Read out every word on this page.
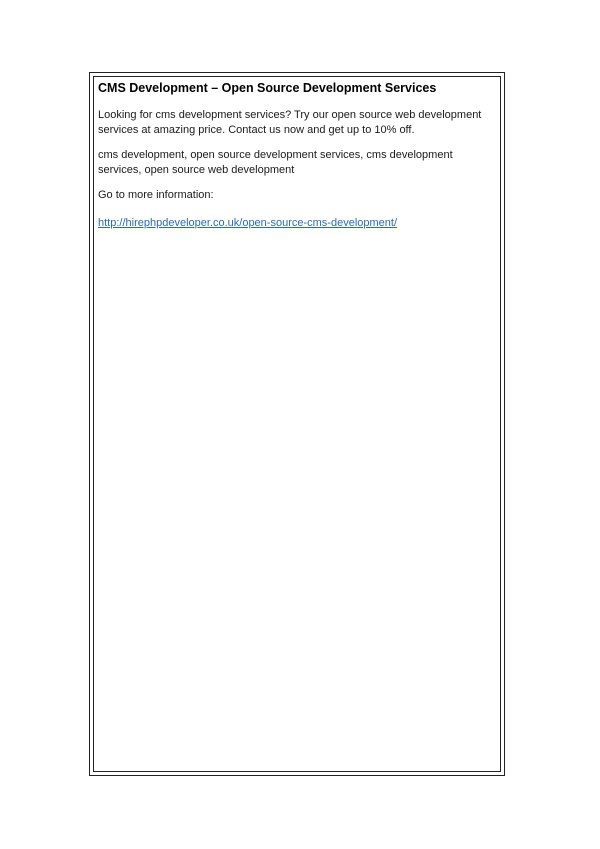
CMS Development – Open Source Development Services

Looking for cms development services? Try our open source web development services at amazing price. Contact us now and get up to 10% off.

cms development, open source development services, cms development services, open source web development

Go to more information:

http://hirephpdeveloper.co.uk/open-source-cms-development/
